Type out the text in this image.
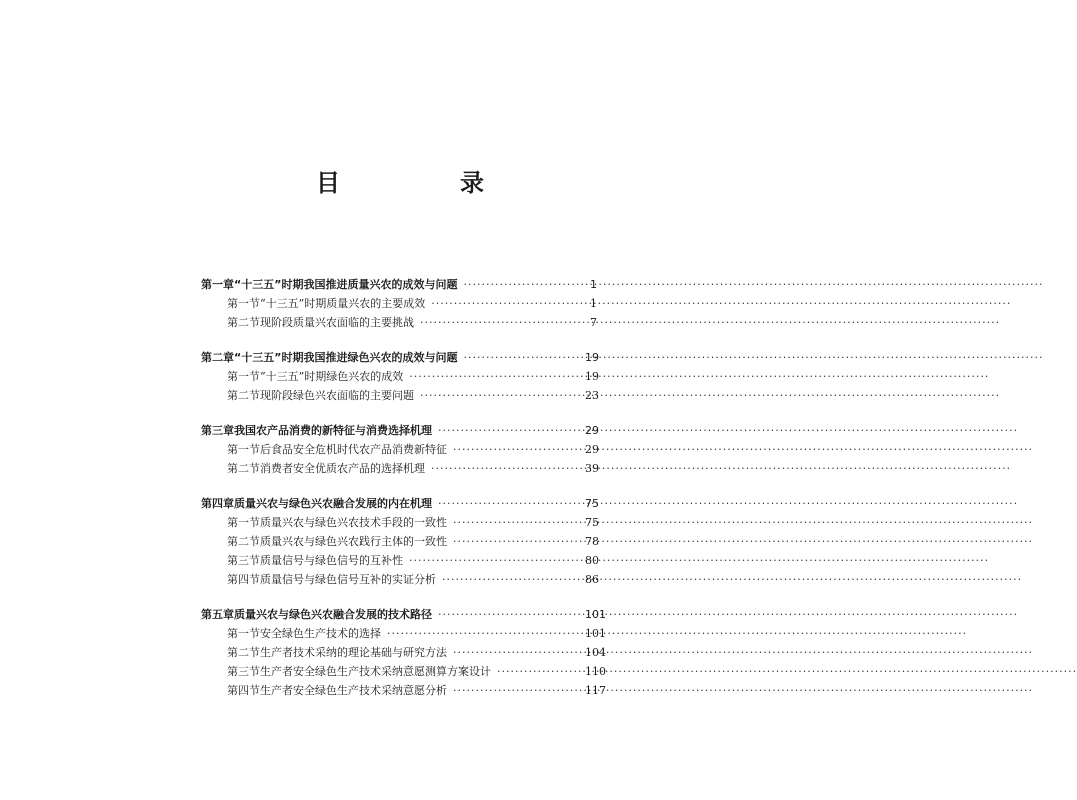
目　录
第一章 “十三五”时期我国推进质量兴农的成效与问题 ·····	1
第一节 “十三五”时期质量兴农的主要成效 ·····	1
第二节 现阶段质量兴农面临的主要挑战 ·····	7
第二章 “十三五”时期我国推进绿色兴农的成效与问题 ·····	19
第一节 “十三五”时期绿色兴农的成效 ·····	19
第二节 现阶段绿色兴农面临的主要问题 ·····	23
第三章 我国农产品消费的新特征与消费选择机理 ·····	29
第一节 后食品安全危机时代农产品消费新特征 ·····	29
第二节 消费者安全优质农产品的选择机理 ·····	39
第四章 质量兴农与绿色兴农融合发展的内在机理 ·····	75
第一节 质量兴农与绿色兴农技术手段的一致性 ·····	75
第二节 质量兴农与绿色兴农践行主体的一致性 ·····	78
第三节 质量信号与绿色信号的互补性 ·····	80
第四节 质量信号与绿色信号互补的实证分析 ·····	86
第五章 质量兴农与绿色兴农融合发展的技术路径 ·····	101
第一节 安全绿色生产技术的选择 ·····	101
第二节 生产者技术采纳的理论基础与研究方法 ·····	104
第三节 生产者安全绿色生产技术采纳意愿测算方案设计 ·····	110
第四节 生产者安全绿色生产技术采纳意愿分析 ·····	117
